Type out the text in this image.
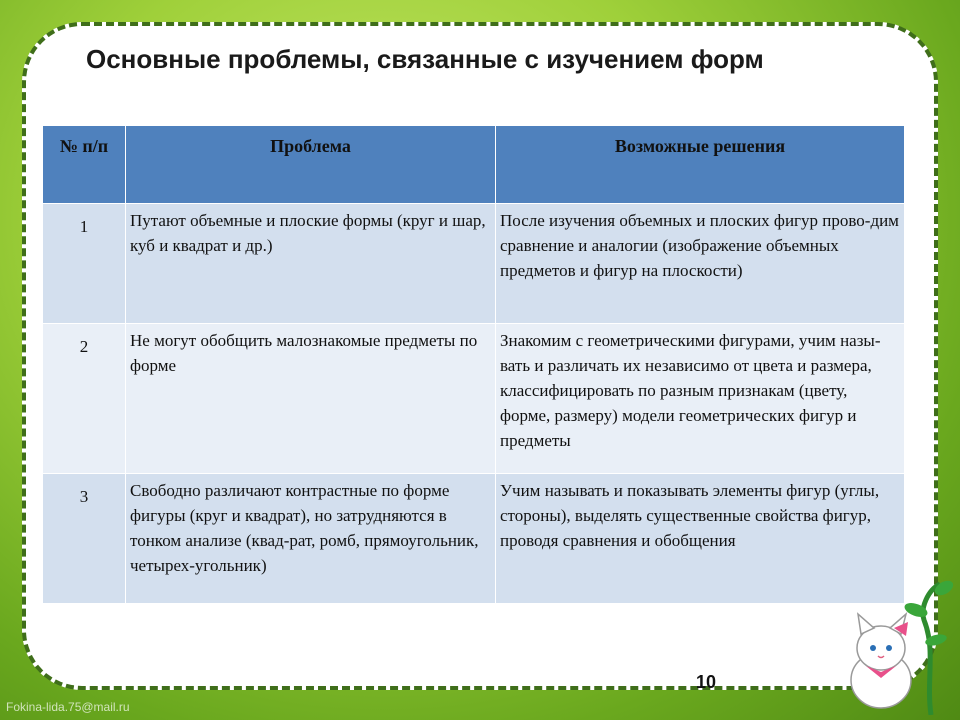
Основные проблемы, связанные с изучением форм
№ п/п	Проблема	Возможные решения
1	Путают объемные и плоские формы (круг и шар, куб и квадрат и др.)	После изучения объемных и плоских фигур прово-дим сравнение и аналогии (изображение объемных предметов и фигур на плоскости)
2	Не могут обобщить малознакомые предметы по форме	Знакомим с геометрическими фигурами, учим назы-вать и различать их независимо от цвета и размера, классифицировать по разным признакам (цвету, форме, размеру) модели геометрических фигур и предметы
3	Свободно различают контрастные по форме фигуры (круг и квадрат), но затрудняются в тонком анализе (квад-рат, ромб, прямоугольник, четырех-угольник)	Учим называть и показывать элементы фигур (углы, стороны), выделять существенные свойства фигур, проводя сравнения и обобщения
10
Fokina-lida.75@mail.ru
